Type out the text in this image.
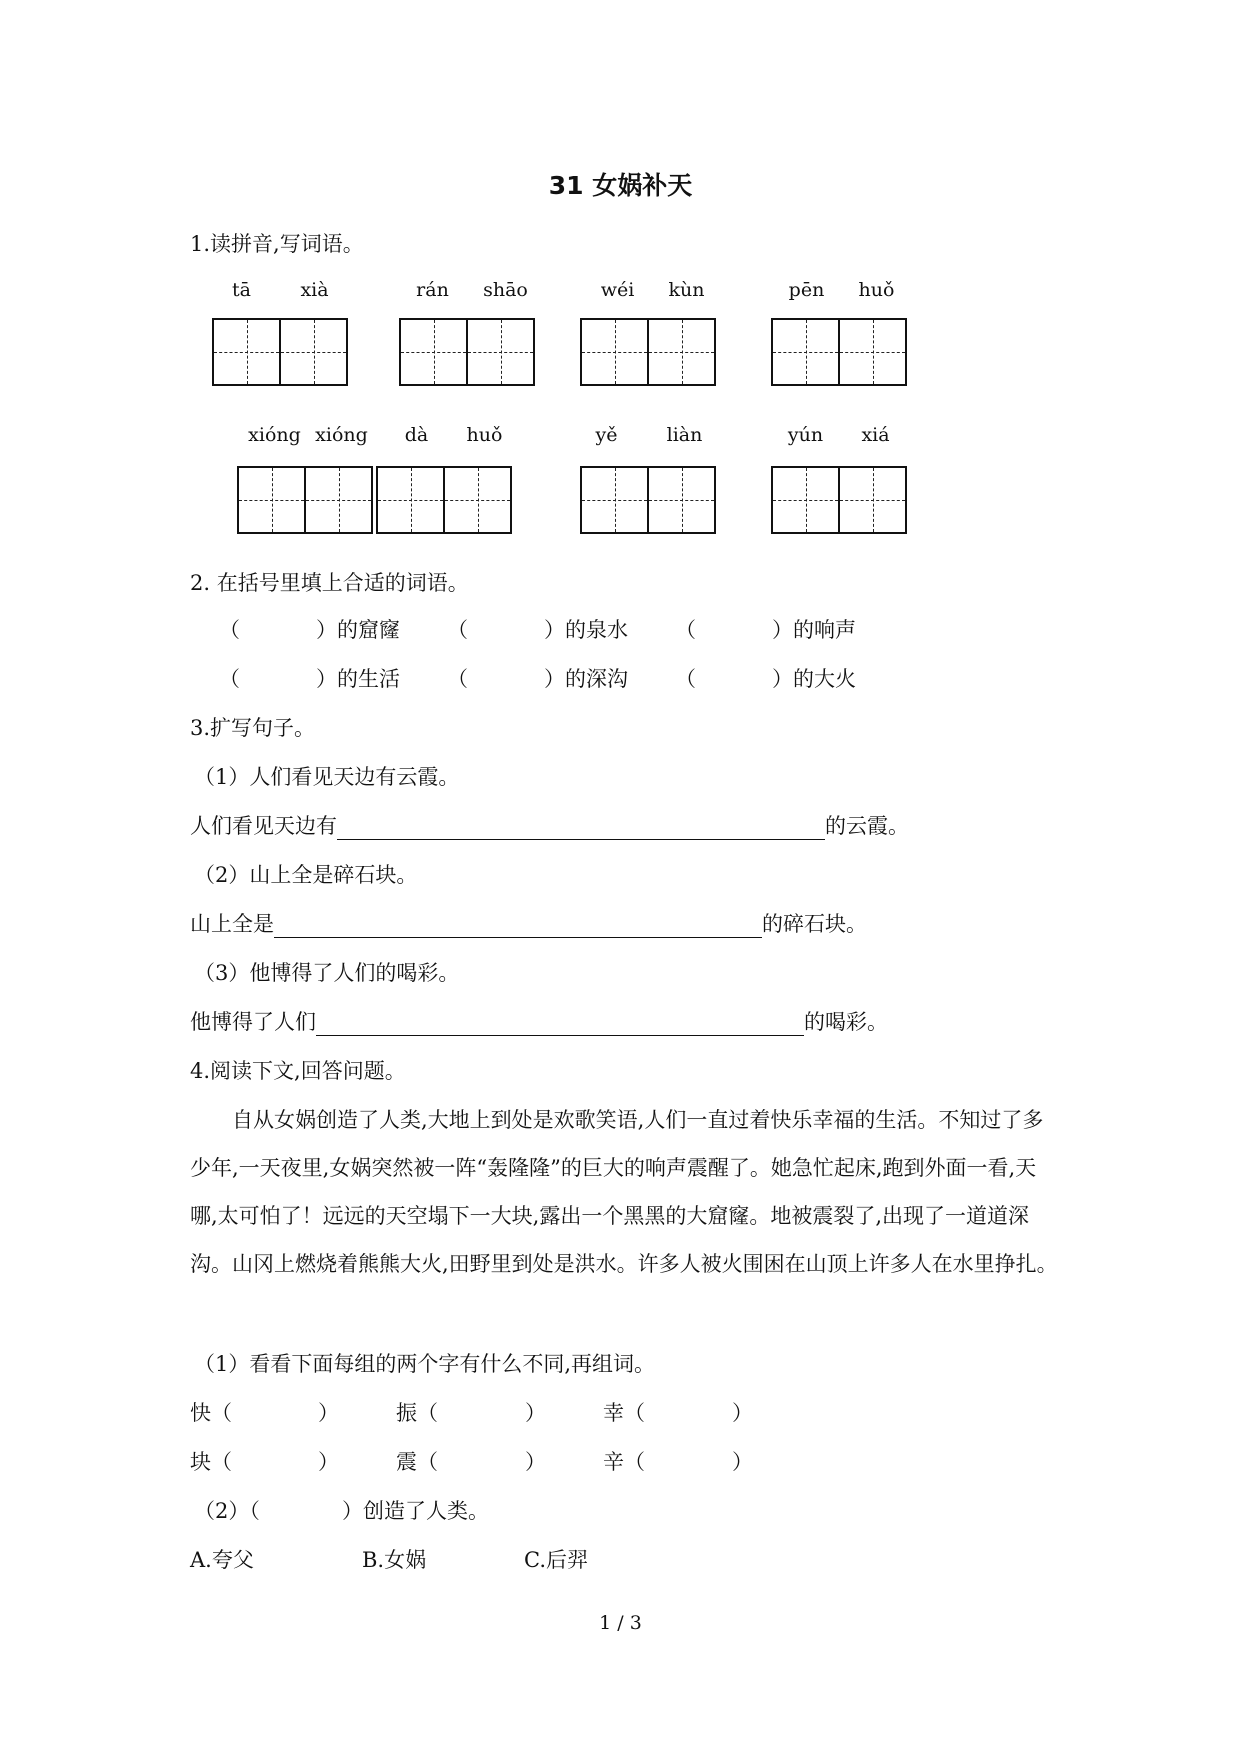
31 女娲补天
1.读拼音,写词语。
tā	xià	rán	shāo	wéi	kùn	pēn	huǒ
xióng xióng	dà	huǒ	yě	liàn	yún	xiá
2. 在括号里填上合适的词语。
（	）的窟窿 （	）的泉水 （	）的响声
（	）的生活 （	）的深沟 （	）的大火
3.扩写句子。
（1）人们看见天边有云霞。
人们看见天边有	的云霞。
（2）山上全是碎石块。
山上全是	的碎石块。
（3）他博得了人们的喝彩。
他博得了人们	的喝彩。
4.阅读下文,回答问题。
自从女娲创造了人类,大地上到处是欢歌笑语,人们一直过着快乐幸福的生活。不知过了多少年,一天夜里,女娲突然被一阵“轰隆隆”的巨大的响声震醒了。她急忙起床,跑到外面一看,天哪,太可怕了！远远的天空塌下一大块,露出一个黑黑的大窟窿。地被震裂了,出现了一道道深沟。山冈上燃烧着熊熊大火,田野里到处是洪水。许多人被火围困在山顶上许多人在水里挣扎。
（1）看看下面每组的两个字有什么不同,再组词。
快（	）	振（	）	幸（	）
块（	）	震（	）	辛（	）
（2）（	）创造了人类。
A.夸父	B.女娲	C.后羿
1 / 3
